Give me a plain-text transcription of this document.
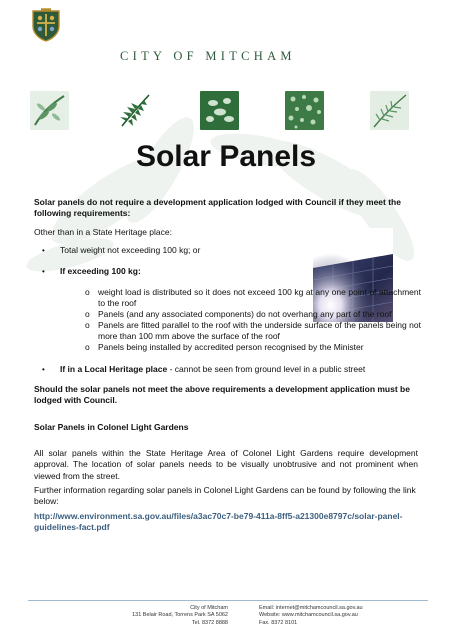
CITY OF MITCHAM
Solar Panels
Solar panels do not require a development application lodged with Council if they meet the following requirements:
Other than in a State Heritage place:
• Total weight not exceeding 100 kg; or
• If exceeding 100 kg:
o weight load is distributed so it does not exceed 100 kg at any one point of attachment to the roof
o Panels (and any associated components) do not overhang any part of the roof
o Panels are fitted parallel to the roof with the underside surface of the panels being not more than 100 mm above the surface of the roof
o Panels being installed by accredited person recognised by the Minister
• If in a Local Heritage place - cannot be seen from ground level in a public street
Should the solar panels not meet the above requirements a development application must be lodged with Council.
Solar Panels in Colonel Light Gardens
All solar panels within the State Heritage Area of Colonel Light Gardens require development approval. The location of solar panels needs to be visually unobtrusive and not prominent when viewed from the street.
Further information regarding solar panels in Colonel Light Gardens can be found by following the link below:
http://www.environment.sa.gov.au/files/a3ac70c7-be79-411a-8ff5-a21300e8797c/solar-panel-guidelines-fact.pdf
City of Mitcham
131 Belair Road, Torrens Park SA 5062
Tel. 8372 8888
Email: internet@mitchamcouncil.sa.gov.au
Website: www.mitchamcouncil.sa.gov.au
Fax. 8372 8101
